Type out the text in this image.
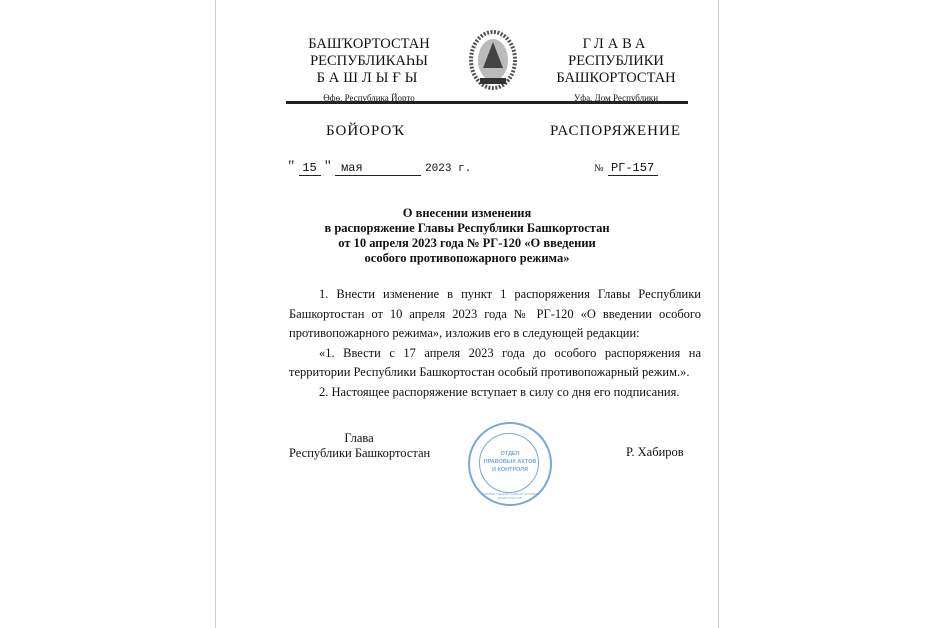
БАШҠОРТОСТАН
РЕСПУБЛИКАҺЫ
БАШЛЫҒЫ
Өфө, Республика Йорто
ГЛАВА
РЕСПУБЛИКИ
БАШКОРТОСТАН
Уфа, Дом Республики
БОЙОРОҠ	РАСПОРЯЖЕНИЕ
" 15 " мая	2023 г.	№ РГ-157
О внесении изменения
в распоряжение Главы Республики Башкортостан
от 10 апреля 2023 года № РГ-120 «О введении
особого противопожарного режима»

1. Внести изменение в пункт 1 распоряжения Главы Республики Башкортостан от 10 апреля 2023 года № РГ-120 «О введении особого противопожарного режима», изложив его в следующей редакции:

«1. Ввести с 17 апреля 2023 года до особого распоряжения на территории Республики Башкортостан особый противопожарный режим.».

2. Настоящее распоряжение вступает в силу со дня его подписания.

Глава
Республики Башкортостан	Р. Хабиров
ОТДЕЛ
ПРАВОВЫХ АКТОВ
И КОНТРОЛЯ
АДМИНИСТРАЦИЯ ГЛАВЫ РЕСПУБЛИКИ БАШКОРТОСТАН
